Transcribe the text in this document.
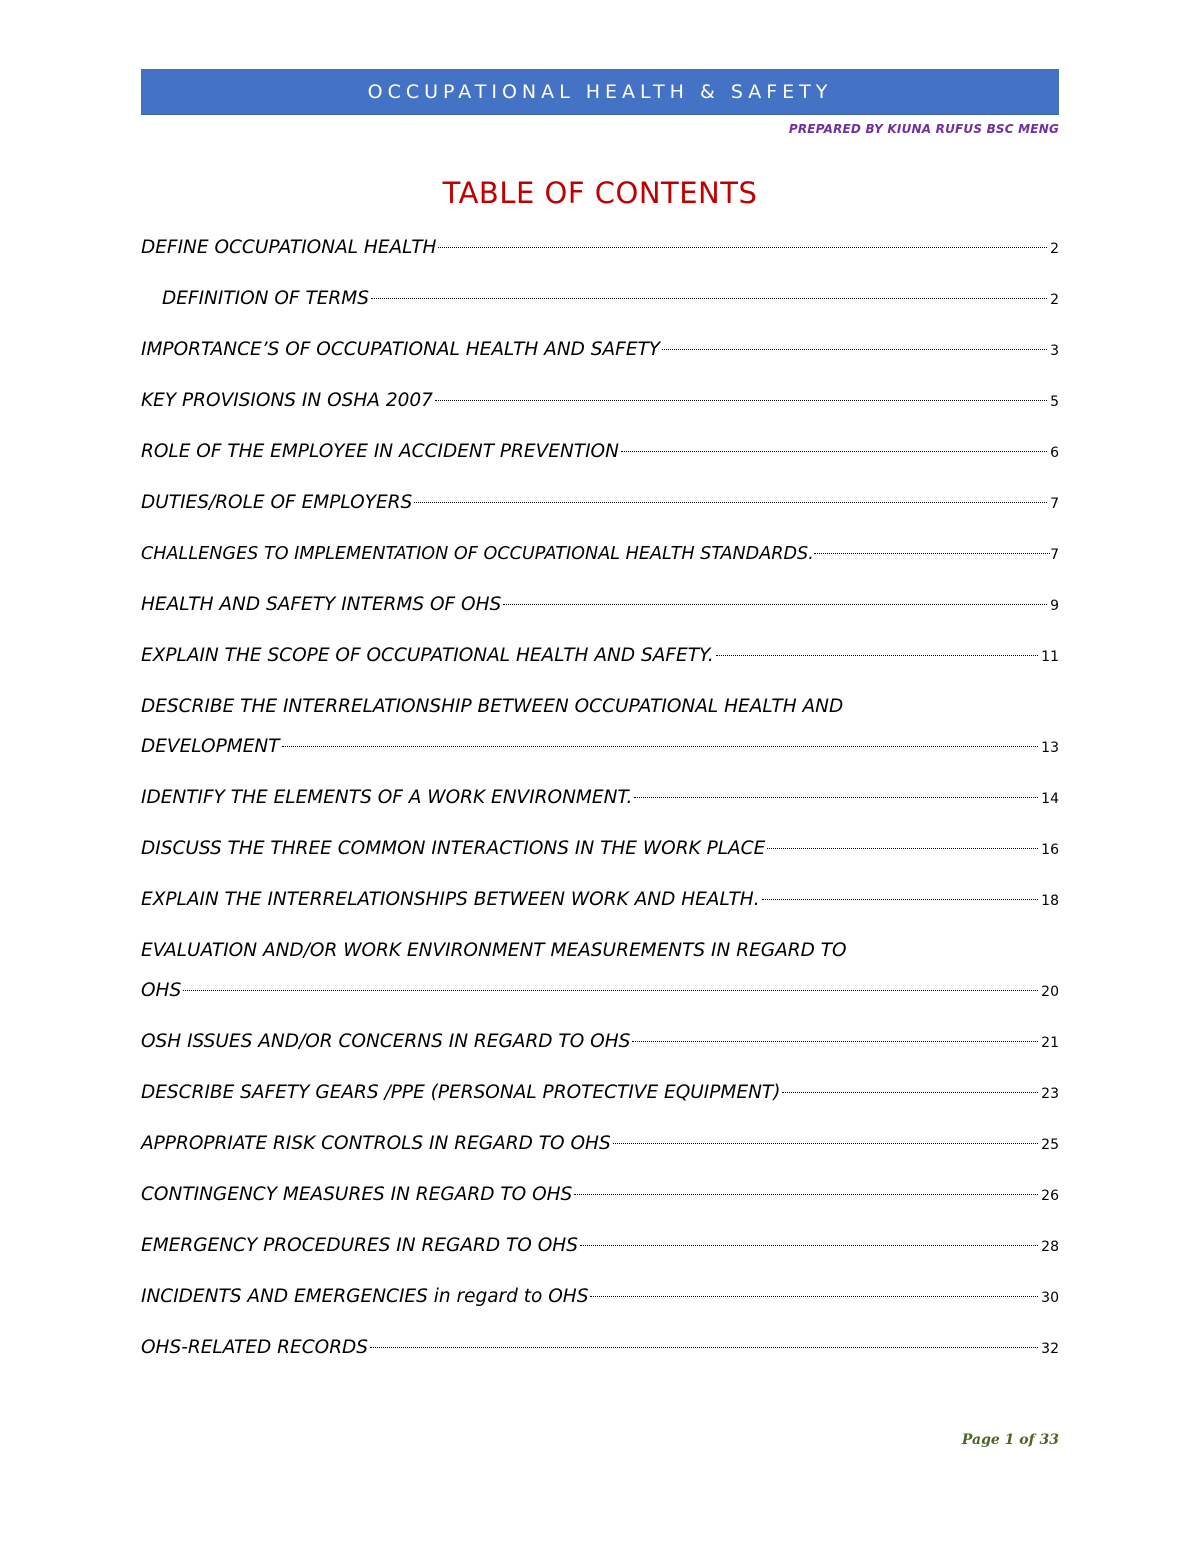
OCCUPATIONAL HEALTH & SAFETY
PREPARED BY KIUNA RUFUS BSC MENG
TABLE OF CONTENTS
DEFINE OCCUPATIONAL HEALTH	2
DEFINITION OF TERMS	2
IMPORTANCE’S OF OCCUPATIONAL HEALTH AND SAFETY	3
KEY PROVISIONS IN OSHA 2007	5
ROLE OF THE EMPLOYEE IN ACCIDENT PREVENTION	6
DUTIES/ROLE OF EMPLOYERS	7
CHALLENGES TO IMPLEMENTATION OF OCCUPATIONAL HEALTH STANDARDS.	7
HEALTH AND SAFETY INTERMS OF OHS	9
EXPLAIN THE SCOPE OF OCCUPATIONAL HEALTH AND SAFETY.	11
DESCRIBE THE INTERRELATIONSHIP BETWEEN OCCUPATIONAL HEALTH AND
DEVELOPMENT	13
IDENTIFY THE ELEMENTS OF A WORK ENVIRONMENT.	14
DISCUSS THE THREE COMMON INTERACTIONS IN THE WORK PLACE	16
EXPLAIN THE INTERRELATIONSHIPS BETWEEN WORK AND HEALTH.	18
EVALUATION AND/OR WORK ENVIRONMENT MEASUREMENTS IN REGARD TO
OHS	20
OSH ISSUES AND/OR CONCERNS IN REGARD TO OHS	21
DESCRIBE SAFETY GEARS /PPE (PERSONAL PROTECTIVE EQUIPMENT)	23
APPROPRIATE RISK CONTROLS IN REGARD TO OHS	25
CONTINGENCY MEASURES IN REGARD TO OHS	26
EMERGENCY PROCEDURES IN REGARD TO OHS	28
INCIDENTS AND EMERGENCIES in regard to OHS	30
OHS-RELATED RECORDS	32
Page 1 of 33
